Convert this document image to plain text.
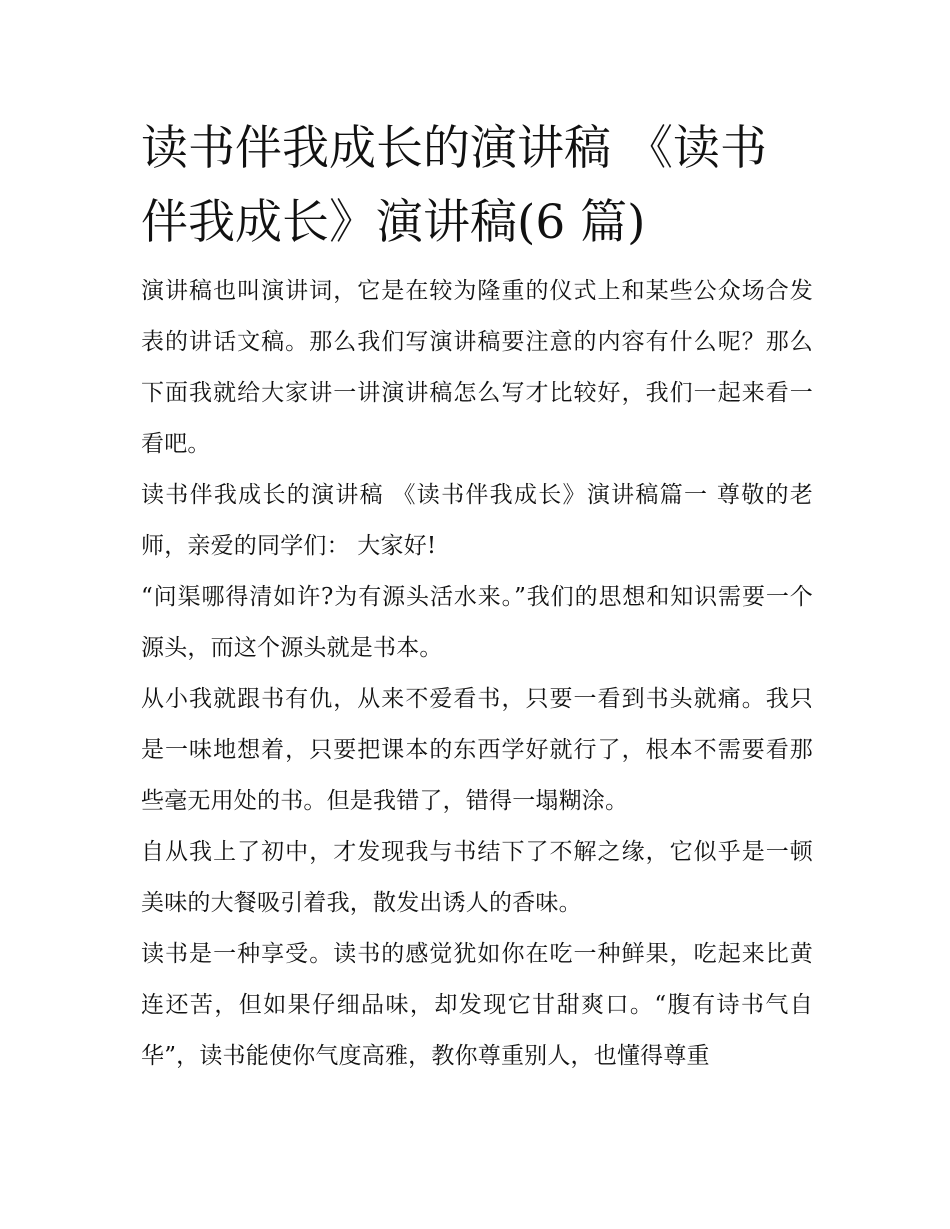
读书伴我成长的演讲稿 《读书伴我成长》演讲稿(6 篇)

演讲稿也叫演讲词，它是在较为隆重的仪式上和某些公众场合发表的讲话文稿。那么我们写演讲稿要注意的内容有什么呢？那么下面我就给大家讲一讲演讲稿怎么写才比较好，我们一起来看一看吧。

读书伴我成长的演讲稿 《读书伴我成长》演讲稿篇一 尊敬的老师，亲爱的同学们： 大家好!

“问渠哪得清如许?为有源头活水来。”我们的思想和知识需要一个源头，而这个源头就是书本。

从小我就跟书有仇，从来不爱看书，只要一看到书头就痛。我只是一味地想着，只要把课本的东西学好就行了，根本不需要看那些毫无用处的书。但是我错了，错得一塌糊涂。

自从我上了初中，才发现我与书结下了不解之缘，它似乎是一顿美味的大餐吸引着我，散发出诱人的香味。

读书是一种享受。读书的感觉犹如你在吃一种鲜果，吃起来比黄连还苦，但如果仔细品味，却发现它甘甜爽口。“腹有诗书气自华”，读书能使你气度高雅，教你尊重别人，也懂得尊重
